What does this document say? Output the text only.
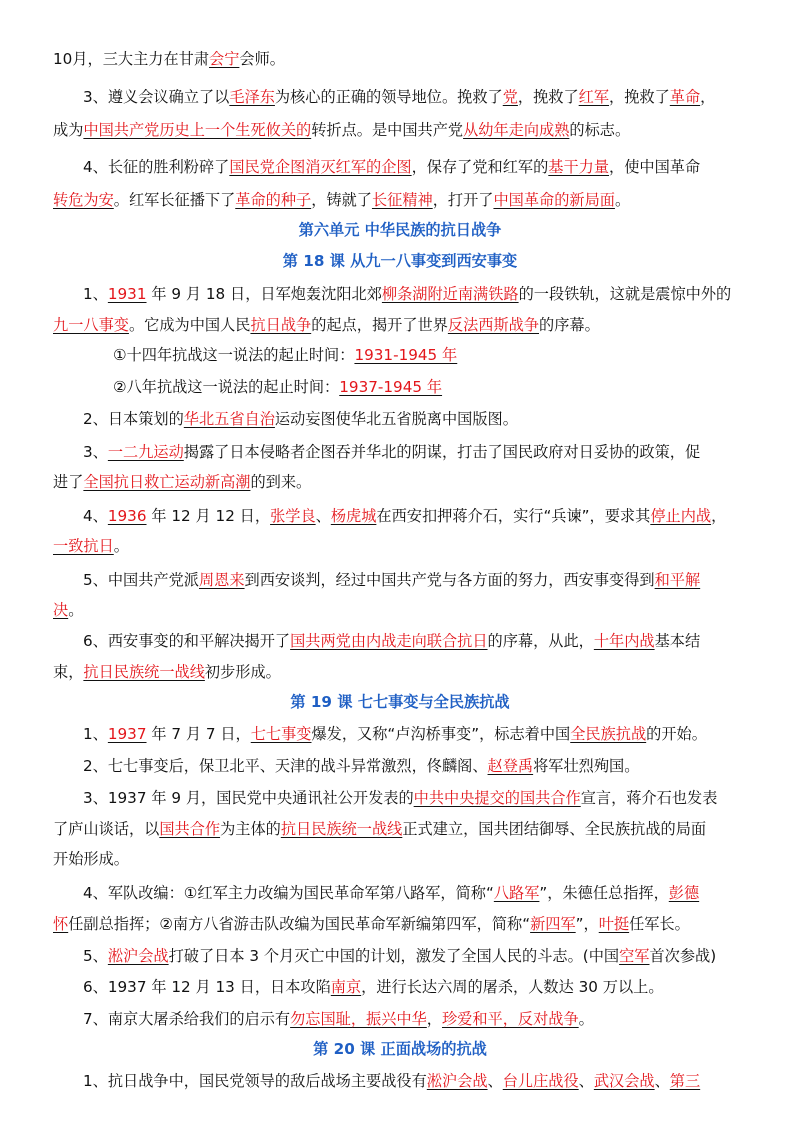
10月，三大主力在甘肃会宁会师。
3、遵义会议确立了以毛泽东为核心的正确的领导地位。挽救了党，挽救了红军，挽救了革命，
成为中国共产党历史上一个生死攸关的转折点。是中国共产党从幼年走向成熟的标志。
4、长征的胜利粉碎了国民党企图消灭红军的企图，保存了党和红军的基干力量，使中国革命
转危为安。红军长征播下了革命的种子，铸就了长征精神，打开了中国革命的新局面。
第六单元 中华民族的抗日战争
第 18 课 从九一八事变到西安事变
1、1931 年 9 月 18 日，日军炮轰沈阳北郊柳条湖附近南满铁路的一段铁轨，这就是震惊中外的
九一八事变。它成为中国人民抗日战争的起点，揭开了世界反法西斯战争的序幕。
①十四年抗战这一说法的起止时间：1931-1945 年
②八年抗战这一说法的起止时间：1937-1945 年
2、日本策划的华北五省自治运动妄图使华北五省脱离中国版图。
3、一二九运动揭露了日本侵略者企图吞并华北的阴谋，打击了国民政府对日妥协的政策，促
进了全国抗日救亡运动新高潮的到来。
4、1936 年 12 月 12 日，张学良、杨虎城在西安扣押蒋介石，实行“兵谏”，要求其停止内战，
一致抗日。
5、中国共产党派周恩来到西安谈判，经过中国共产党与各方面的努力，西安事变得到和平解
决。
6、西安事变的和平解决揭开了国共两党由内战走向联合抗日的序幕，从此，十年内战基本结
束，抗日民族统一战线初步形成。
第 19 课 七七事变与全民族抗战
1、1937 年 7 月 7 日，七七事变爆发，又称“卢沟桥事变”，标志着中国全民族抗战的开始。
2、七七事变后，保卫北平、天津的战斗异常激烈，佟麟阁、赵登禹将军壮烈殉国。
3、1937 年 9 月，国民党中央通讯社公开发表的中共中央提交的国共合作宣言，蒋介石也发表
了庐山谈话，以国共合作为主体的抗日民族统一战线正式建立，国共团结御辱、全民族抗战的局面
开始形成。
4、军队改编：①红军主力改编为国民革命军第八路军，简称“八路军”，朱德任总指挥，彭德
怀任副总指挥；②南方八省游击队改编为国民革命军新编第四军，简称“新四军”，叶挺任军长。
5、淞沪会战打破了日本 3 个月灭亡中国的计划，激发了全国人民的斗志。(中国空军首次参战)
6、1937 年 12 月 13 日，日本攻陷南京，进行长达六周的屠杀，人数达 30 万以上。
7、南京大屠杀给我们的启示有勿忘国耻，振兴中华，珍爱和平，反对战争。
第 20 课 正面战场的抗战
1、抗日战争中，国民党领导的敌后战场主要战役有淞沪会战、台儿庄战役、武汉会战、第三
